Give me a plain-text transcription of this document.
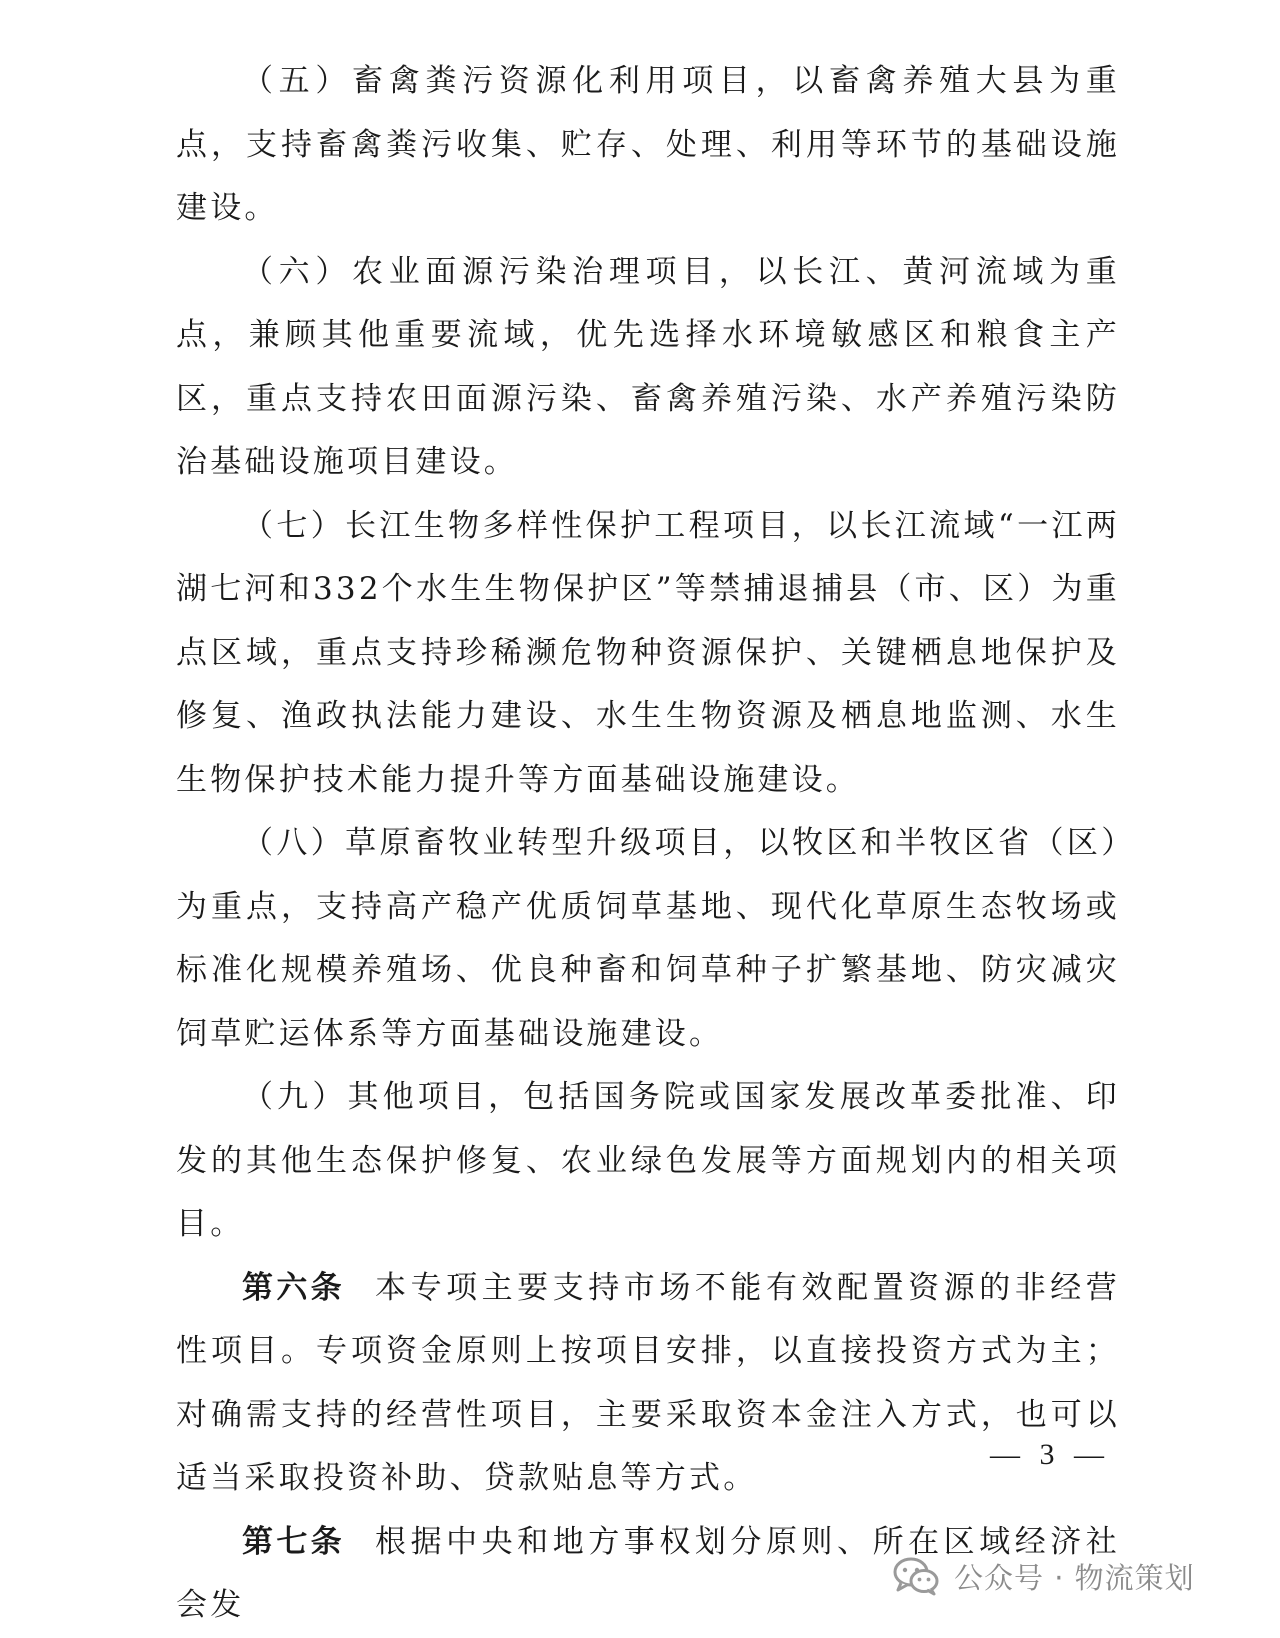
（五）畜禽粪污资源化利用项目，以畜禽养殖大县为重点，支持畜禽粪污收集、贮存、处理、利用等环节的基础设施建设。

（六）农业面源污染治理项目，以长江、黄河流域为重点，兼顾其他重要流域，优先选择水环境敏感区和粮食主产区，重点支持农田面源污染、畜禽养殖污染、水产养殖污染防治基础设施项目建设。

（七）长江生物多样性保护工程项目，以长江流域“一江两湖七河和332个水生生物保护区”等禁捕退捕县（市、区）为重点区域，重点支持珍稀濒危物种资源保护、关键栖息地保护及修复、渔政执法能力建设、水生生物资源及栖息地监测、水生生物保护技术能力提升等方面基础设施建设。

（八）草原畜牧业转型升级项目，以牧区和半牧区省（区）为重点，支持高产稳产优质饲草基地、现代化草原生态牧场或标准化规模养殖场、优良种畜和饲草种子扩繁基地、防灾减灾饲草贮运体系等方面基础设施建设。

（九）其他项目，包括国务院或国家发展改革委批准、印发的其他生态保护修复、农业绿色发展等方面规划内的相关项目。

第六条 本专项主要支持市场不能有效配置资源的非经营性项目。专项资金原则上按项目安排，以直接投资方式为主；对确需支持的经营性项目，主要采取资本金注入方式，也可以适当采取投资补助、贷款贴息等方式。

第七条 根据中央和地方事权划分原则、所在区域经济社会发

— 3 —
公众号 · 物流策划
